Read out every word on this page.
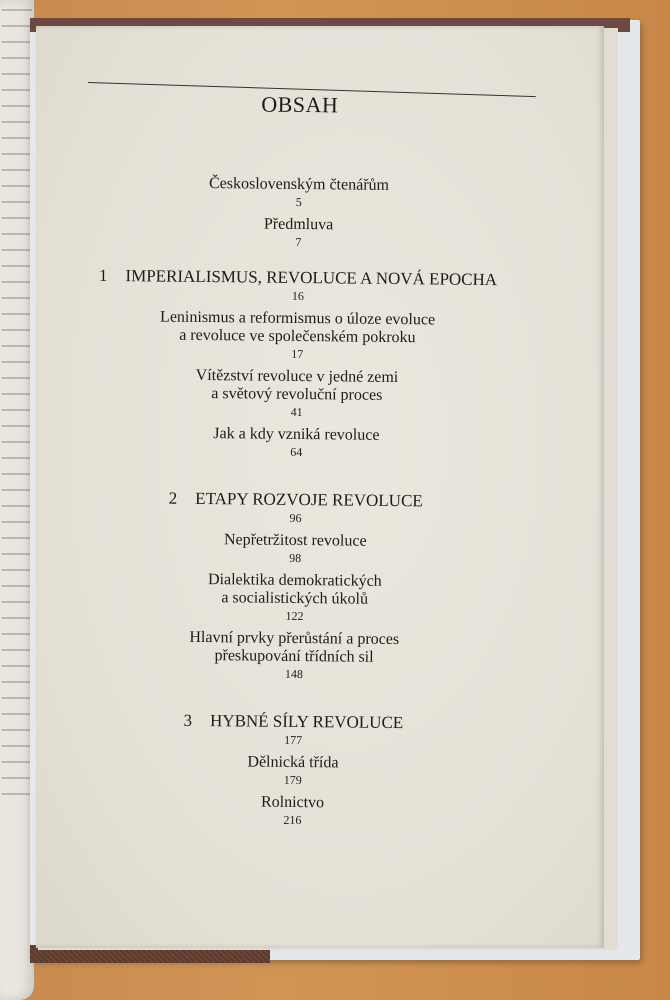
OBSAH
Československým čtenářům
5
Předmluva
7
1 IMPERIALISMUS, REVOLUCE A NOVÁ EPOCHA
16
Leninismus a reformismus o úloze evoluce
a revoluce ve společenském pokroku
17
Vítězství revoluce v jedné zemi
a světový revoluční proces
41
Jak a kdy vzniká revoluce
64
2 ETAPY ROZVOJE REVOLUCE
96
Nepřetržitost revoluce
98
Dialektika demokratických
a socialistických úkolů
122
Hlavní prvky přerůstání a proces
přeskupování třídních sil
148
3 HYBNÉ SÍLY REVOLUCE
177
Dělnická třída
179
Rolnictvo
216
